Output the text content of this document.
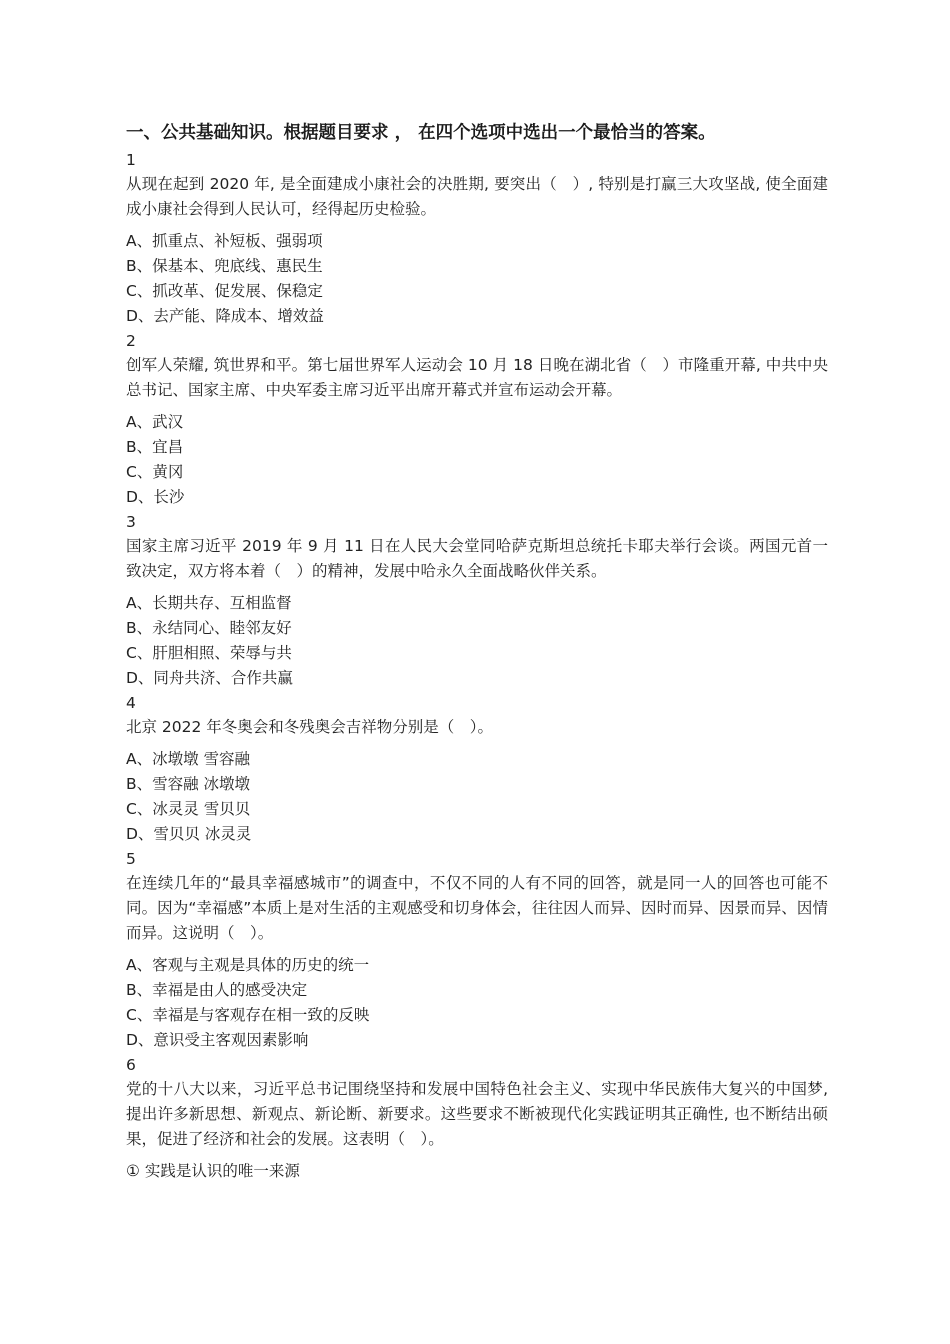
一、公共基础知识。根据题目要求 ， 在四个选项中选出一个最恰当的答案。

1

从现在起到 2020 年, 是全面建成小康社会的决胜期, 要突出（　）, 特别是打赢三大攻坚战, 使全面建成小康社会得到人民认可，经得起历史检验。

A、抓重点、补短板、强弱项

B、保基本、兜底线、惠民生

C、抓改革、促发展、保稳定

D、去产能、降成本、增效益

2

创军人荣耀, 筑世界和平。第七届世界军人运动会 10 月 18 日晚在湖北省（　）市隆重开幕, 中共中央总书记、国家主席、中央军委主席习近平出席开幕式并宣布运动会开幕。

A、武汉

B、宜昌

C、黄冈

D、长沙

3

国家主席习近平 2019 年 9 月 11 日在人民大会堂同哈萨克斯坦总统托卡耶夫举行会谈。两国元首一致决定，双方将本着（　）的精神，发展中哈永久全面战略伙伴关系。

A、长期共存、互相监督

B、永结同心、睦邻友好

C、肝胆相照、荣辱与共

D、同舟共济、合作共赢

4

北京 2022 年冬奥会和冬残奥会吉祥物分别是（　）。

A、冰墩墩 雪容融

B、雪容融 冰墩墩

C、冰灵灵 雪贝贝

D、雪贝贝 冰灵灵

5

在连续几年的“最具幸福感城市”的调查中，不仅不同的人有不同的回答，就是同一人的回答也可能不同。因为“幸福感”本质上是对生活的主观感受和切身体会，往往因人而异、因时而异、因景而异、因情而异。这说明（　）。

A、客观与主观是具体的历史的统一

B、幸福是由人的感受决定

C、幸福是与客观存在相一致的反映

D、意识受主客观因素影响

6

党的十八大以来，习近平总书记围绕坚持和发展中国特色社会主义、实现中华民族伟大复兴的中国梦, 提出许多新思想、新观点、新论断、新要求。这些要求不断被现代化实践证明其正确性, 也不断结出硕果，促进了经济和社会的发展。这表明（　）。

① 实践是认识的唯一来源
